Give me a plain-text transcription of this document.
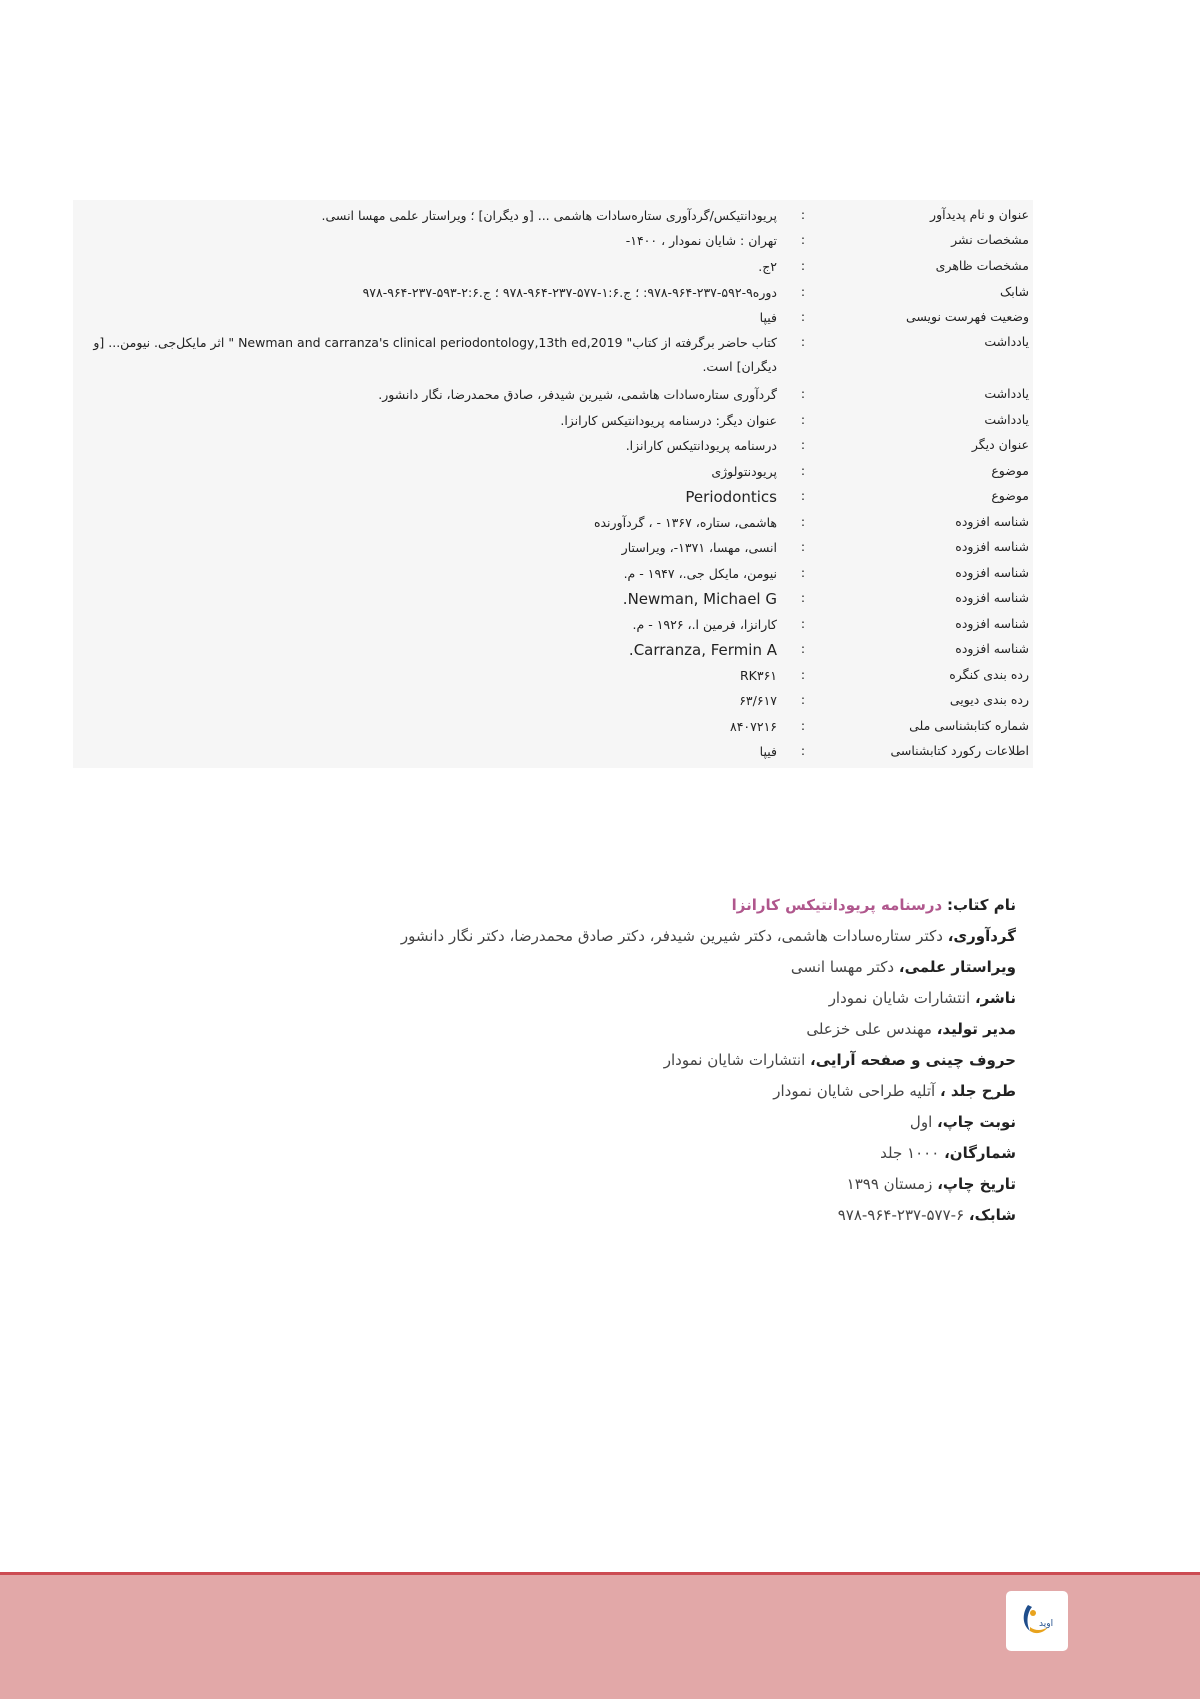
عنوان و نام پدیدآور
:
پریودانتیکس/گردآوری ستاره‌سادات هاشمی ... [و دیگران] ؛ ویراستار علمی مهسا انسی.
مشخصات نشر
:
تهران : شایان نمودار ، ۱۴۰۰-
مشخصات ظاهری
:
۲ج.
شابک
:
دوره۹-۵۹۲-۲۳۷-۹۶۴-۹۷۸: ؛ ج.۱:۶-۵۷۷-۲۳۷-۹۶۴-۹۷۸ ؛ ج.۲:۶-۵۹۳-۲۳۷-۹۶۴-۹۷۸
وضعیت فهرست نویسی
:
فیپا
یادداشت
:
کتاب حاضر برگرفته از کتاب" Newman and carranza's clinical periodontology,13th ed,2019 " اثر مایکل‌جی. نیومن... [و دیگران] است.
یادداشت
:
گردآوری ستاره‌سادات هاشمی، شیرین شیدفر، صادق محمدرضا، نگار دانشور.
یادداشت
:
عنوان دیگر: درسنامه پریودانتیکس کارانزا.
عنوان دیگر
:
درسنامه پریودانتیکس کارانزا.
موضوع
:
پریودنتولوژی
موضوع
:
Periodontics
شناسه افزوده
:
هاشمی، ستاره، ۱۳۶۷ - ، گردآورنده
شناسه افزوده
:
انسی، مهسا، ۱۳۷۱-، ویراستار
شناسه افزوده
:
نیومن، مایکل جی.، ۱۹۴۷ - م.
شناسه افزوده
:
Newman, Michael G.
شناسه افزوده
:
کارانزا، فرمین ا.، ۱۹۲۶ - م.
شناسه افزوده
:
Carranza, Fermin A.
رده بندی کنگره
:
RK۳۶۱
رده بندی دیویی
:
۶۳/۶۱۷
شماره کتابشناسی ملی
:
۸۴۰۷۲۱۶
اطلاعات رکورد کتابشناسی
:
فیپا
نام کتاب: درسنامه پریودانتیکس کارانزا
گردآوری، دکتر ستاره‌سادات هاشمی، دکتر شیرین شیدفر، دکتر صادق محمدرضا، دکتر نگار دانشور
ویراستار علمی، دکتر مهسا انسی
ناشر، انتشارات شایان نمودار
مدیر تولید، مهندس علی خزعلی
حروف چینی و صفحه آرایی، انتشارات شایان نمودار
طرح جلد ، آتلیه طراحی شایان نمودار
نوبت چاپ، اول
شمارگان، ۱۰۰۰ جلد
تاریخ چاپ، زمستان ۱۳۹۹
شابک، ۶-۵۷۷-۲۳۷-۹۶۴-۹۷۸
اوید
